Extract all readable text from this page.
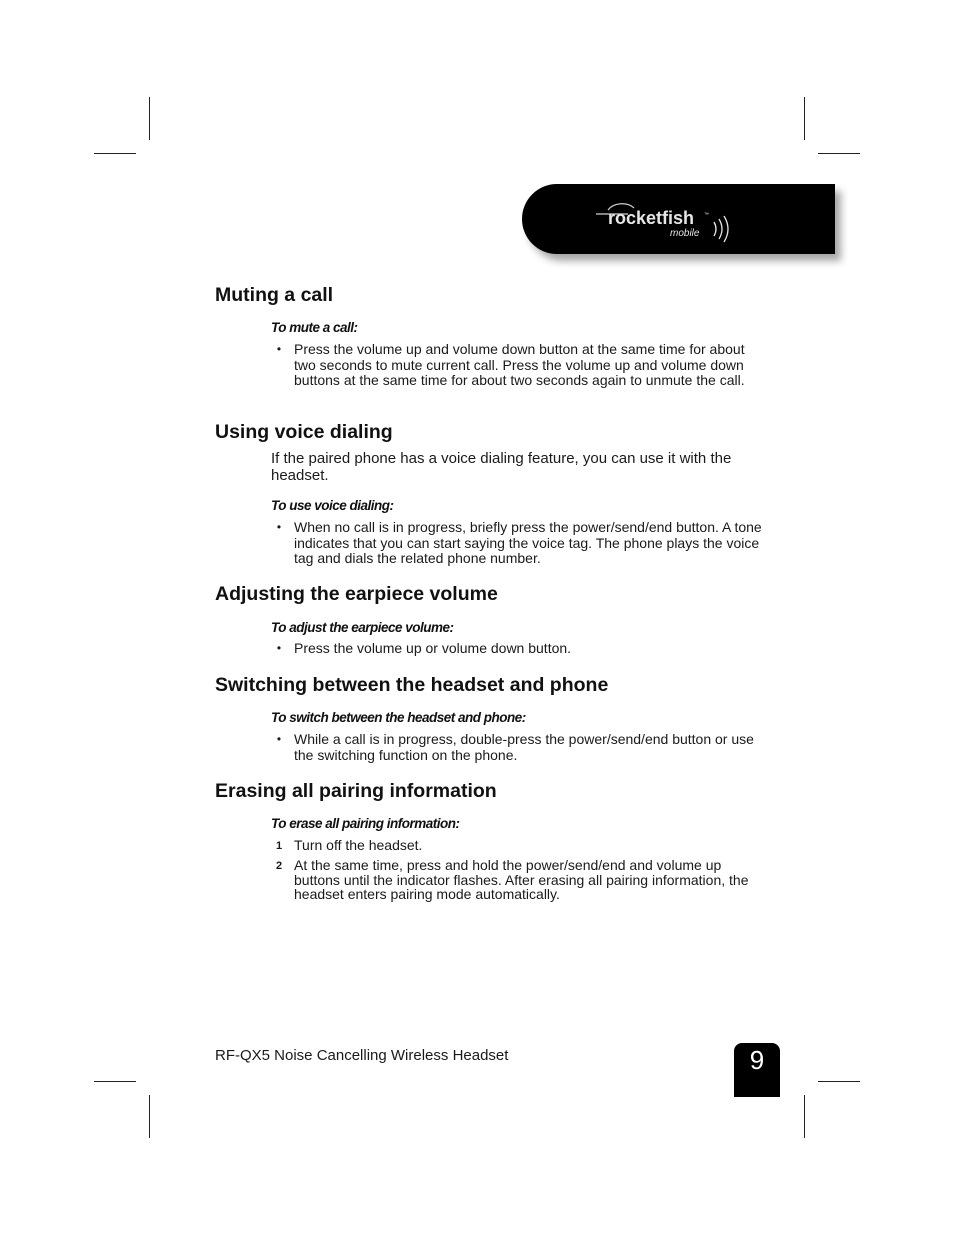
rocketfish ™
mobile
Muting a call
To mute a call:
• Press the volume up and volume down button at the same time for about two seconds to mute current call. Press the volume up and volume down buttons at the same time for about two seconds again to unmute the call.
Using voice dialing

If the paired phone has a voice dialing feature, you can use it with the headset.

To use voice dialing:
• When no call is in progress, briefly press the power/send/end button. A tone indicates that you can start saying the voice tag. The phone plays the voice tag and dials the related phone number.
Adjusting the earpiece volume
To adjust the earpiece volume:
• Press the volume up or volume down button.
Switching between the headset and phone
To switch between the headset and phone:
• While a call is in progress, double-press the power/send/end button or use the switching function on the phone.
Erasing all pairing information
To erase all pairing information:
1 Turn off the headset.
2 At the same time, press and hold the power/send/end and volume up buttons until the indicator flashes. After erasing all pairing information, the headset enters pairing mode automatically.
RF-QX5 Noise Cancelling Wireless Headset	9
